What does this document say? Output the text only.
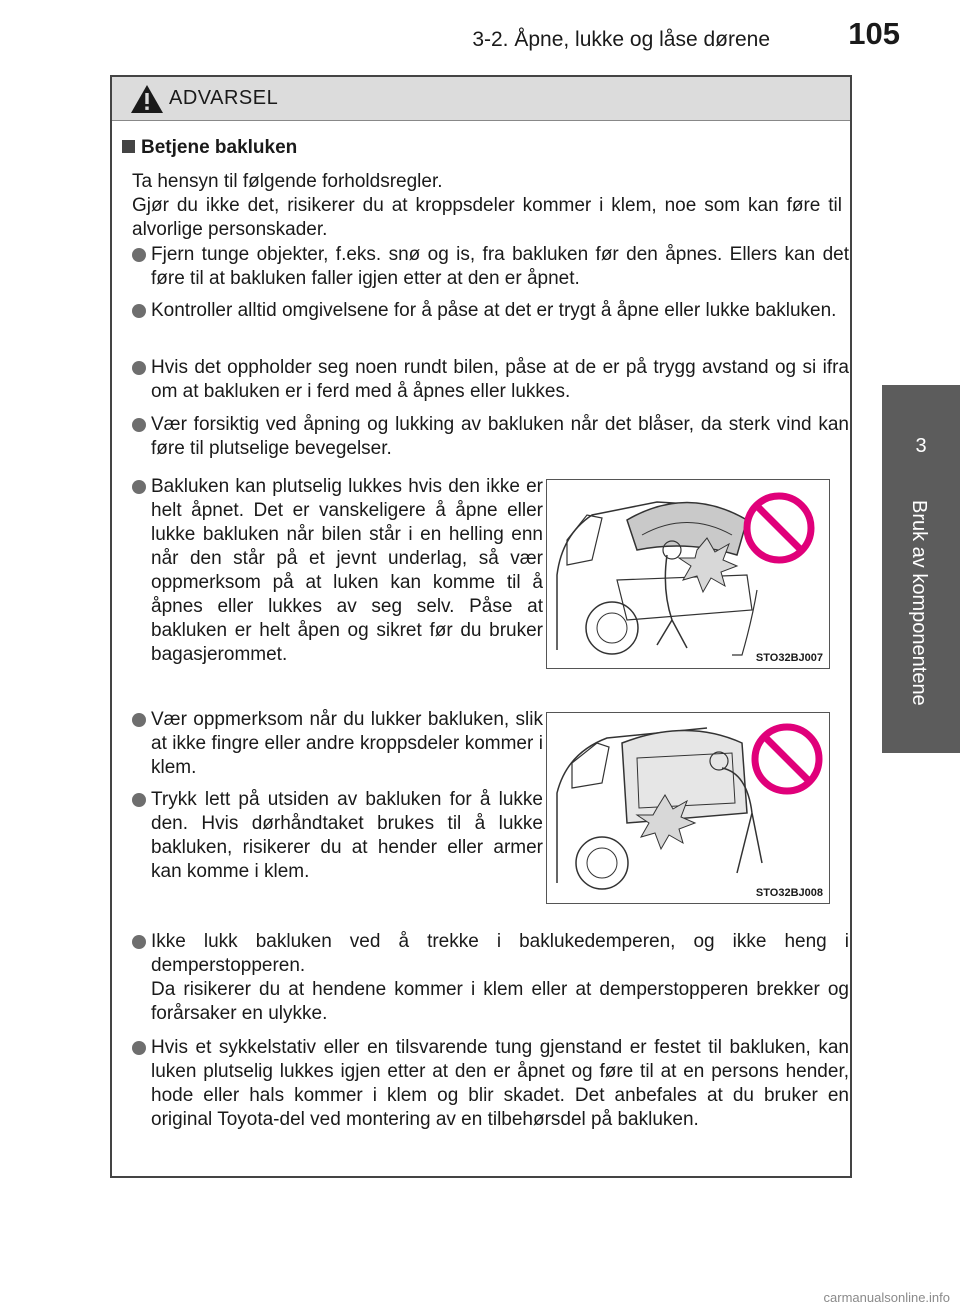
3-2. Åpne, lukke og låse dørene	105
3
Bruk av komponentene
ADVARSEL
Betjene bakluken
Ta hensyn til følgende forholdsregler.
Gjør du ikke det, risikerer du at kroppsdeler kommer i klem, noe som kan føre til alvorlige personskader.
Fjern tunge objekter, f.eks. snø og is, fra bakluken før den åpnes. Ellers kan det føre til at bakluken faller igjen etter at den er åpnet.
Kontroller alltid omgivelsene for å påse at det er trygt å åpne eller lukke bakluken.
Hvis det oppholder seg noen rundt bilen, påse at de er på trygg avstand og si ifra om at bakluken er i ferd med å åpnes eller lukkes.
Vær forsiktig ved åpning og lukking av bakluken når det blåser, da sterk vind kan føre til plutselige bevegelser.
Bakluken kan plutselig lukkes hvis den ikke er helt åpnet. Det er vanskeligere å åpne eller lukke bakluken når bilen står i en helling enn når den står på et jevnt underlag, så vær oppmerksom på at luken kan komme til å åpnes eller lukkes av seg selv. Påse at bakluken er helt åpen og sikret før du bruker bagasjerommet.	STO32BJ007
Vær oppmerksom når du lukker bakluken, slik at ikke fingre eller andre kroppsdeler kommer i klem.
Trykk lett på utsiden av bakluken for å lukke den. Hvis dørhåndtaket brukes til å lukke bakluken, risikerer du at hender eller armer kan komme i klem.
STO32BJ008
Ikke lukk bakluken ved å trekke i baklukedemperen, og ikke heng i demperstopperen.
Da risikerer du at hendene kommer i klem eller at demperstopperen brekker og forårsaker en ulykke.
Hvis et sykkelstativ eller en tilsvarende tung gjenstand er festet til bakluken, kan luken plutselig lukkes igjen etter at den er åpnet og føre til at en persons hender, hode eller hals kommer i klem og blir skadet. Det anbefales at du bruker en original Toyota-del ved montering av en tilbehørsdel på bakluken.
carmanualsonline.info
